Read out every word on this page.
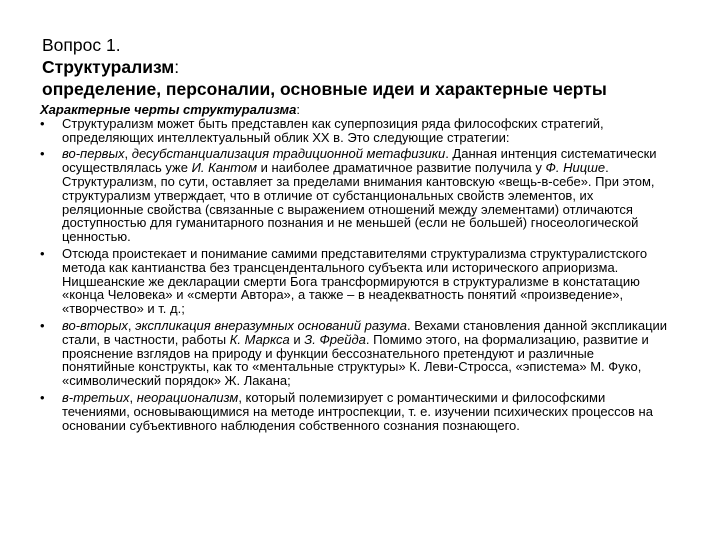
Вопрос 1.
Структурализм:
определение, персоналии, основные идеи и характерные черты
Характерные черты структурализма:
•	Структурализм может быть представлен как суперпозиция ряда философских стратегий, определяющих интеллектуальный облик XX в. Это следующие стратегии:
•	во-первых, десубстанциализация традиционной метафизики. Данная интенция систематически осуществлялась уже И. Кантом и наиболее драматичное развитие получила у Ф. Ницше. Структурализм, по сути, оставляет за пределами внимания кантовскую «вещь-в-себе». При этом, структурализм утверждает, что в отличие от субстанциональных свойств элементов, их реляционные свойства (связанные с выражением отношений между элементами) отличаются доступностью для гуманитарного познания и не меньшей (если не большей) гносеологической ценностью.
•	Отсюда проистекает и понимание самими представителями структурализма структуралистского метода как кантианства без трансцендентального субъекта или исторического априоризма. Ницшеанские же декларации смерти Бога трансформируются в структурализме в констатацию «конца Человека» и «смерти Автора», а также – в неадекватность понятий «произведение», «творчество» и т. д.;
•	во-вторых, экспликация внеразумных оснований разума. Вехами становления данной экспликации стали, в частности, работы К. Маркса и З. Фрейда. Помимо этого, на формализацию, развитие и прояснение взглядов на природу и функции бессознательного претендуют и различные понятийные конструкты, как то «ментальные структуры» К. Леви-Стросса, «эпистема» М. Фуко, «символический порядок» Ж. Лакана;
•	в-третьих, неорационализм, который полемизирует с романтическими и философскими течениями, основывающимися на методе интроспекции, т. е. изучении психических процессов на основании субъективного наблюдения собственного сознания познающего.
